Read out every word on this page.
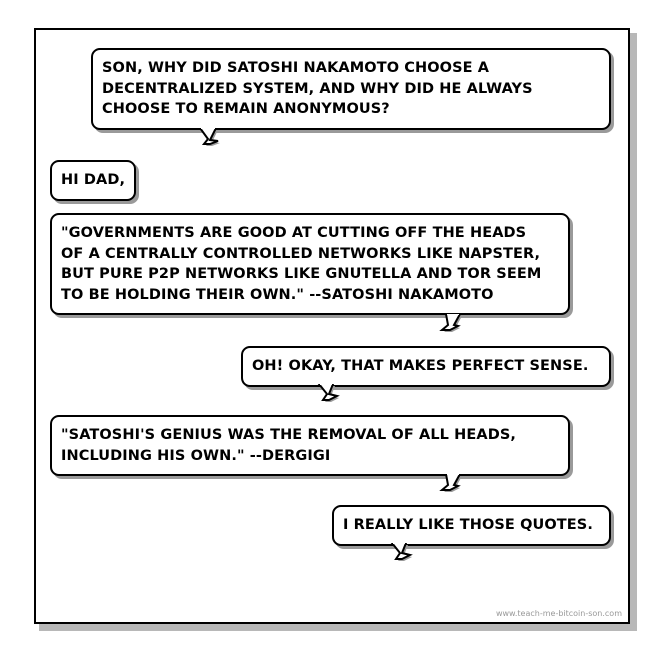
SON, WHY DID SATOSHI NAKAMOTO CHOOSE A
DECENTRALIZED SYSTEM, AND WHY DID HE ALWAYS
CHOOSE TO REMAIN ANONYMOUS?
HI DAD,
"GOVERNMENTS ARE GOOD AT CUTTING OFF THE HEADS
OF A CENTRALLY CONTROLLED NETWORKS LIKE NAPSTER,
BUT PURE P2P NETWORKS LIKE GNUTELLA AND TOR SEEM
TO BE HOLDING THEIR OWN." --SATOSHI NAKAMOTO
OH! OKAY, THAT MAKES PERFECT SENSE.
"SATOSHI'S GENIUS WAS THE REMOVAL OF ALL HEADS,
INCLUDING HIS OWN." --DERGIGI
I REALLY LIKE THOSE QUOTES.
www.teach-me-bitcoin-son.com
